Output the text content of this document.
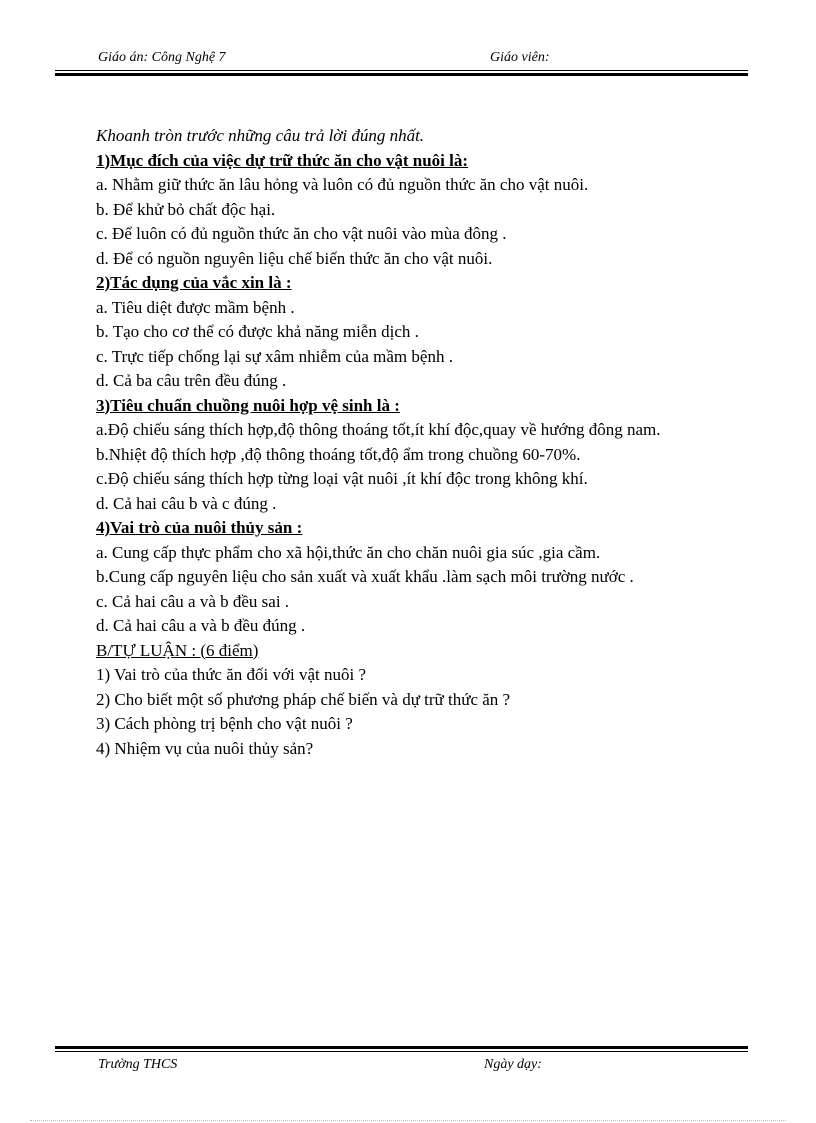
Giáo án: Công Nghệ 7	Giáo viên:
Khoanh tròn trước những câu trả lời đúng nhất.
1)Mục đích của việc dự trữ thức ăn cho vật nuôi là:
a. Nhằm giữ thức ăn lâu hỏng và luôn có đủ nguồn thức ăn cho vật nuôi.
b. Để khử bỏ chất độc hại.
c. Để luôn có đủ nguồn thức ăn cho vật nuôi vào mùa đông .
d. Để có nguồn nguyên liệu chế biến thức ăn cho vật nuôi.
2)Tác dụng của vắc xin là :
a. Tiêu diệt được mầm bệnh .
b. Tạo cho cơ thể có được khả năng miễn dịch .
c. Trực tiếp chống lại sự xâm nhiễm của mầm bệnh .
d. Cả ba câu trên đều đúng .
3)Tiêu chuẩn chuồng nuôi hợp vệ sinh là :
a.Độ chiếu sáng thích hợp,độ thông thoáng tốt,ít khí độc,quay về hướng đông nam.
b.Nhiệt độ thích hợp ,độ thông thoáng tốt,độ ẩm trong chuồng 60-70%.
c.Độ chiếu sáng thích hợp từng loại vật nuôi ,ít khí độc trong không khí.
d. Cả hai câu b và c đúng .
4)Vai trò của nuôi thủy sản :
a. Cung cấp thực phẩm cho xã hội,thức ăn cho chăn nuôi gia súc ,gia cầm.
b.Cung cấp nguyên liệu cho sản xuất và xuất khẩu .làm sạch môi trường nước .
c. Cả hai câu a và b đều sai .
d. Cả hai câu a và b đều đúng .
B/TỰ LUẬN : (6 điểm)
1) Vai trò của thức ăn đối với vật nuôi ?
2) Cho biết một số phương pháp chế biến và dự trữ thức ăn ?
3) Cách phòng trị bệnh cho vật nuôi ?
4) Nhiệm vụ của nuôi thủy sản?
Trường THCS	Ngày dạy:
